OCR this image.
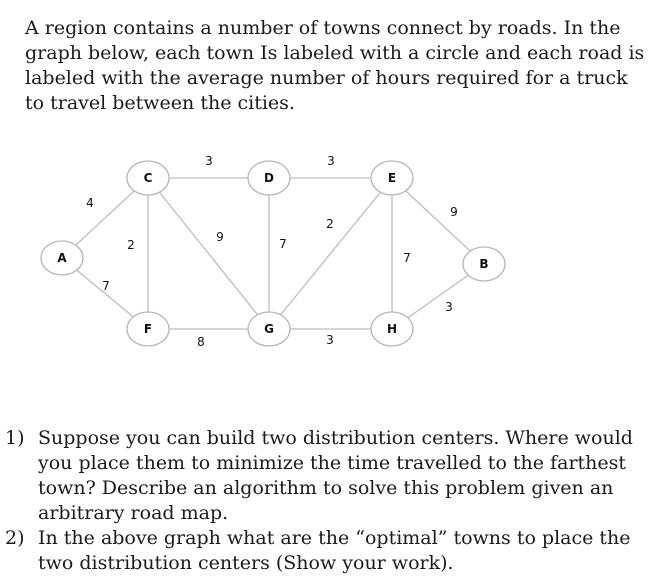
A region contains a number of towns connect by roads. In the graph below, each town Is labeled with a circle and each road is labeled with the average number of hours required for a truck to travel between the cities.

4
7
2
3
9
8
7
3
2
3
7
9
3
A
C	D	E
F	G	H
B
1) Suppose you can build two distribution centers. Where would you place them to minimize the time travelled to the farthest town? Describe an algorithm to solve this problem given an arbitrary road map.
2) In the above graph what are the “optimal” towns to place the two distribution centers (Show your work).
